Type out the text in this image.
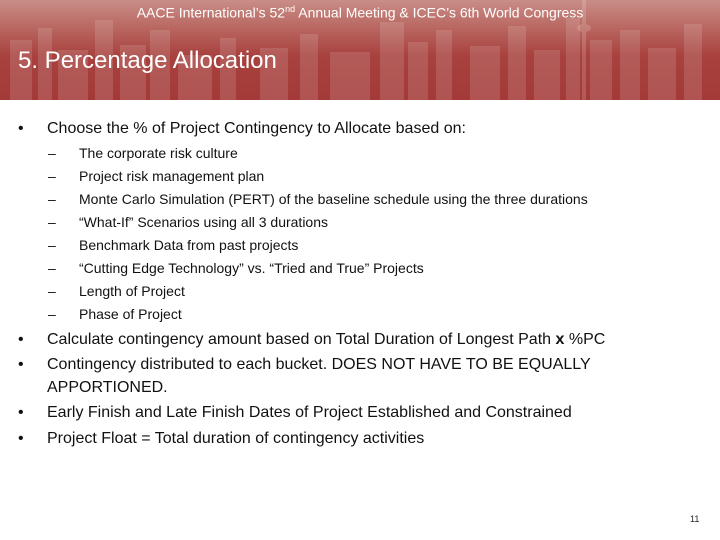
AACE International’s 52nd Annual Meeting & ICEC’s 6th World Congress
5. Percentage Allocation
• Choose the % of Project Contingency to Allocate based on:
– The corporate risk culture
– Project risk management plan
– Monte Carlo Simulation (PERT) of the baseline schedule using the three durations
– “What-If” Scenarios using all 3 durations
– Benchmark Data from past projects
– “Cutting Edge Technology” vs. “Tried and True” Projects
– Length of Project
– Phase of Project
• Calculate contingency amount based on Total Duration of Longest Path x %PC
• Contingency distributed to each bucket. DOES NOT HAVE TO BE EQUALLY
APPORTIONED.
• Early Finish and Late Finish Dates of Project Established and Constrained
• Project Float = Total duration of contingency activities
11
